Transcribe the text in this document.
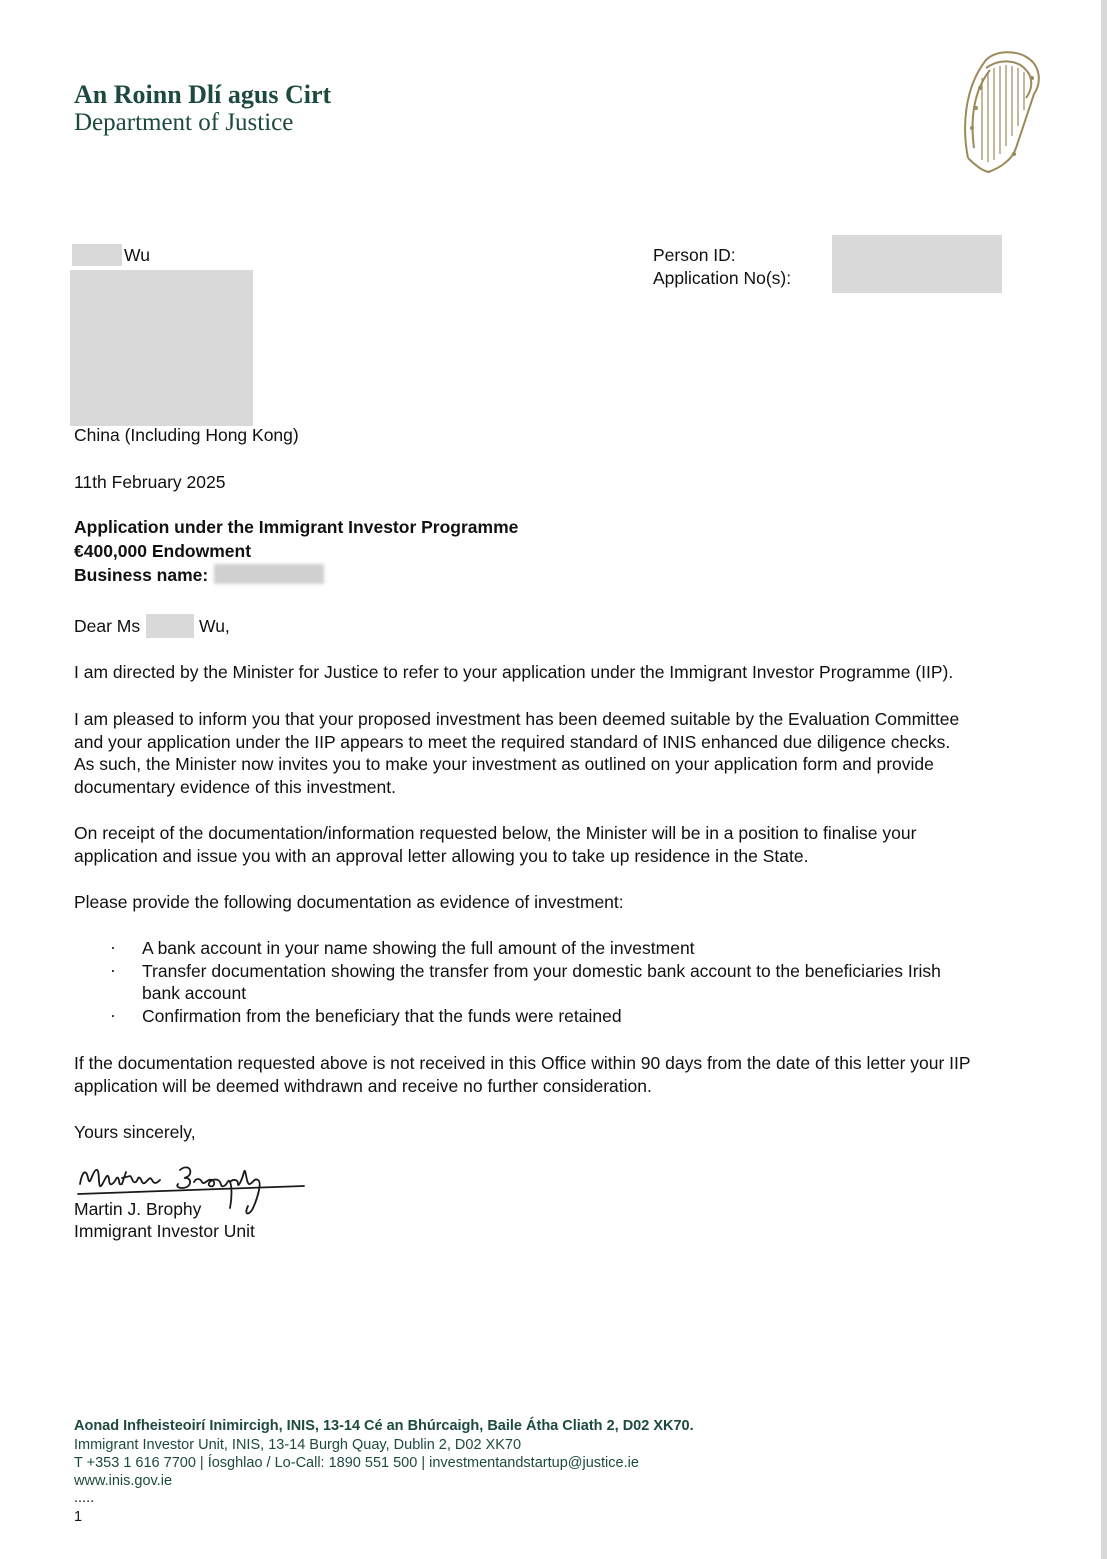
An Roinn Dlí agus Cirt
Department of Justice
Wu
China (Including Hong Kong)
Person ID:
Application No(s):
11th February 2025
Application under the Immigrant Investor Programme
€400,000 Endowment
Business name:
Dear Ms	Wu,
I am directed by the Minister for Justice to refer to your application under the Immigrant Investor Programme (IIP).
I am pleased to inform you that your proposed investment has been deemed suitable by the Evaluation Committee
and your application under the IIP appears to meet the required standard of INIS enhanced due diligence checks.
As such, the Minister now invites you to make your investment as outlined on your application form and provide
documentary evidence of this investment.
On receipt of the documentation/information requested below, the Minister will be in a position to finalise your
application and issue you with an approval letter allowing you to take up residence in the State.
Please provide the following documentation as evidence of investment:
· A bank account in your name showing the full amount of the investment
· Transfer documentation showing the transfer from your domestic bank account to the beneficiaries Irish
bank account
· Confirmation from the beneficiary that the funds were retained
If the documentation requested above is not received in this Office within 90 days from the date of this letter your IIP
application will be deemed withdrawn and receive no further consideration.
Yours sincerely,
Martin J. Brophy
Immigrant Investor Unit
Aonad Infheisteoirí Inimircigh, INIS, 13-14 Cé an Bhúrcaigh, Baile Átha Cliath 2, D02 XK70.
Immigrant Investor Unit, INIS, 13-14 Burgh Quay, Dublin 2, D02 XK70
T +353 1 616 7700 | Íosghlao / Lo-Call: 1890 551 500 | investmentandstartup@justice.ie
www.inis.gov.ie
.....
1
